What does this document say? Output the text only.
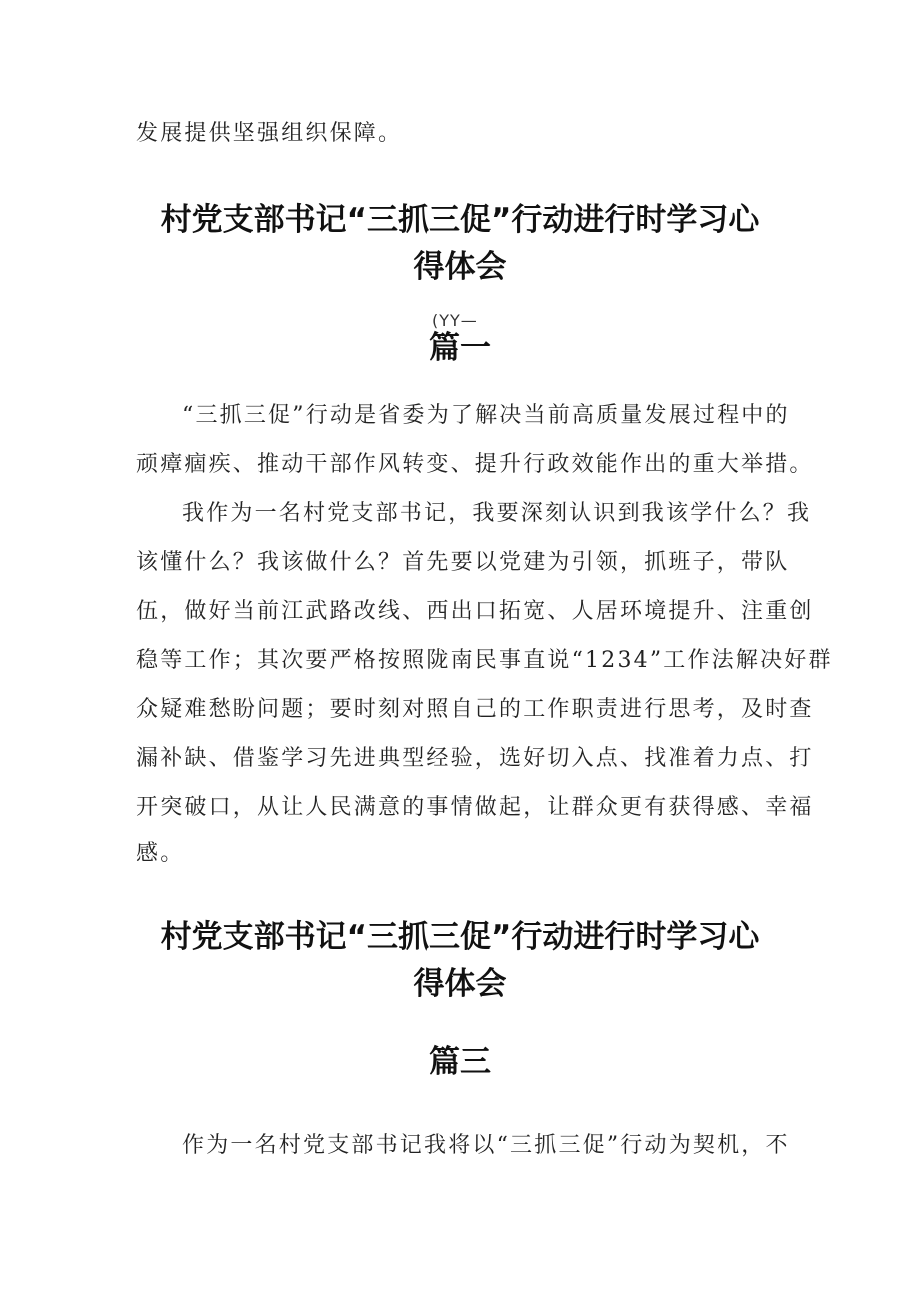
发展提供坚强组织保障。

村党支部书记“三抓三促”行动进行时学习心
得体会
(YY—
篇一

“三抓三促”行动是省委为了解决当前高质量发展过程中的

顽瘴痼疾、推动干部作风转变、提升行政效能作出的重大举措。

我作为一名村党支部书记，我要深刻认识到我该学什么？我

该懂什么？我该做什么？首先要以党建为引领，抓班子，带队

伍，做好当前江武路改线、西出口拓宽、人居环境提升、注重创

稳等工作；其次要严格按照陇南民事直说“1234”工作法解决好群

众疑难愁盼问题；要时刻对照自己的工作职责进行思考，及时查

漏补缺、借鉴学习先进典型经验，选好切入点、找准着力点、打

开突破口，从让人民满意的事情做起，让群众更有获得感、幸福

感。

村党支部书记“三抓三促”行动进行时学习心
得体会
篇三

作为一名村党支部书记我将以“三抓三促”行动为契机，不
